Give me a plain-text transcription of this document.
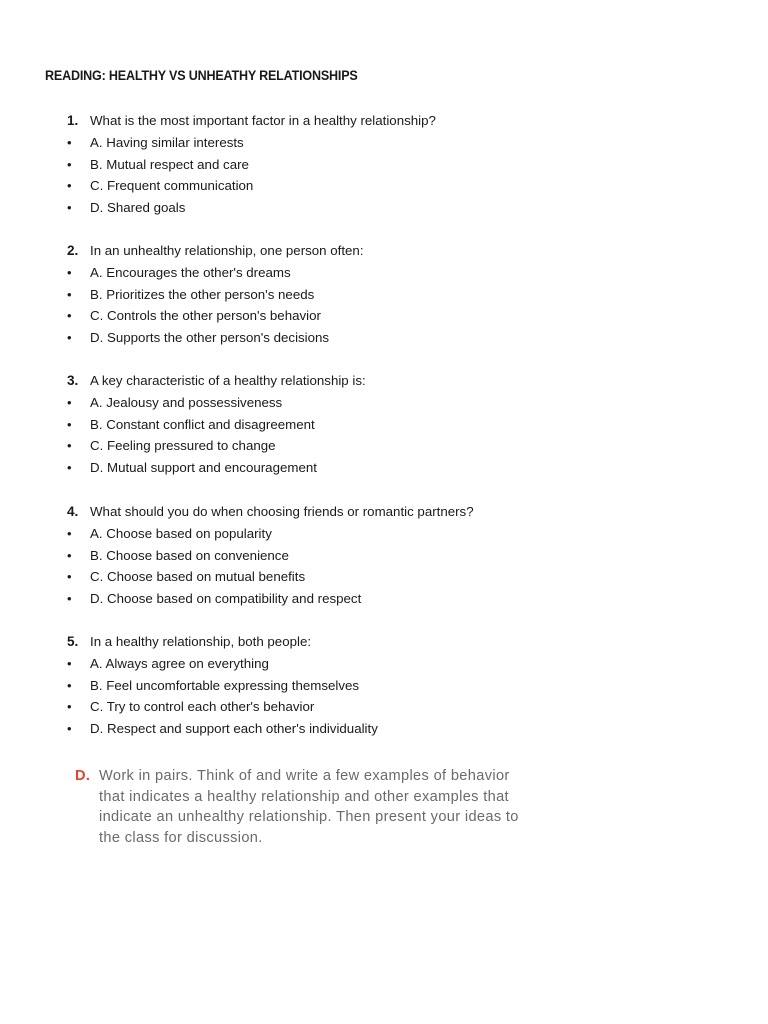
READING: HEALTHY VS UNHEATHY RELATIONSHIPS
1. What is the most important factor in a healthy relationship?
• A. Having similar interests
• B. Mutual respect and care
• C. Frequent communication
• D. Shared goals
2. In an unhealthy relationship, one person often:
• A. Encourages the other's dreams
• B. Prioritizes the other person's needs
• C. Controls the other person's behavior
• D. Supports the other person's decisions
3. A key characteristic of a healthy relationship is:
• A. Jealousy and possessiveness
• B. Constant conflict and disagreement
• C. Feeling pressured to change
• D. Mutual support and encouragement
4. What should you do when choosing friends or romantic partners?
• A. Choose based on popularity
• B. Choose based on convenience
• C. Choose based on mutual benefits
• D. Choose based on compatibility and respect
5. In a healthy relationship, both people:
• A. Always agree on everything
• B. Feel uncomfortable expressing themselves
• C. Try to control each other's behavior
• D. Respect and support each other's individuality
D. Work in pairs. Think of and write a few examples of behavior
that indicates a healthy relationship and other examples that
indicate an unhealthy relationship. Then present your ideas to
the class for discussion.
